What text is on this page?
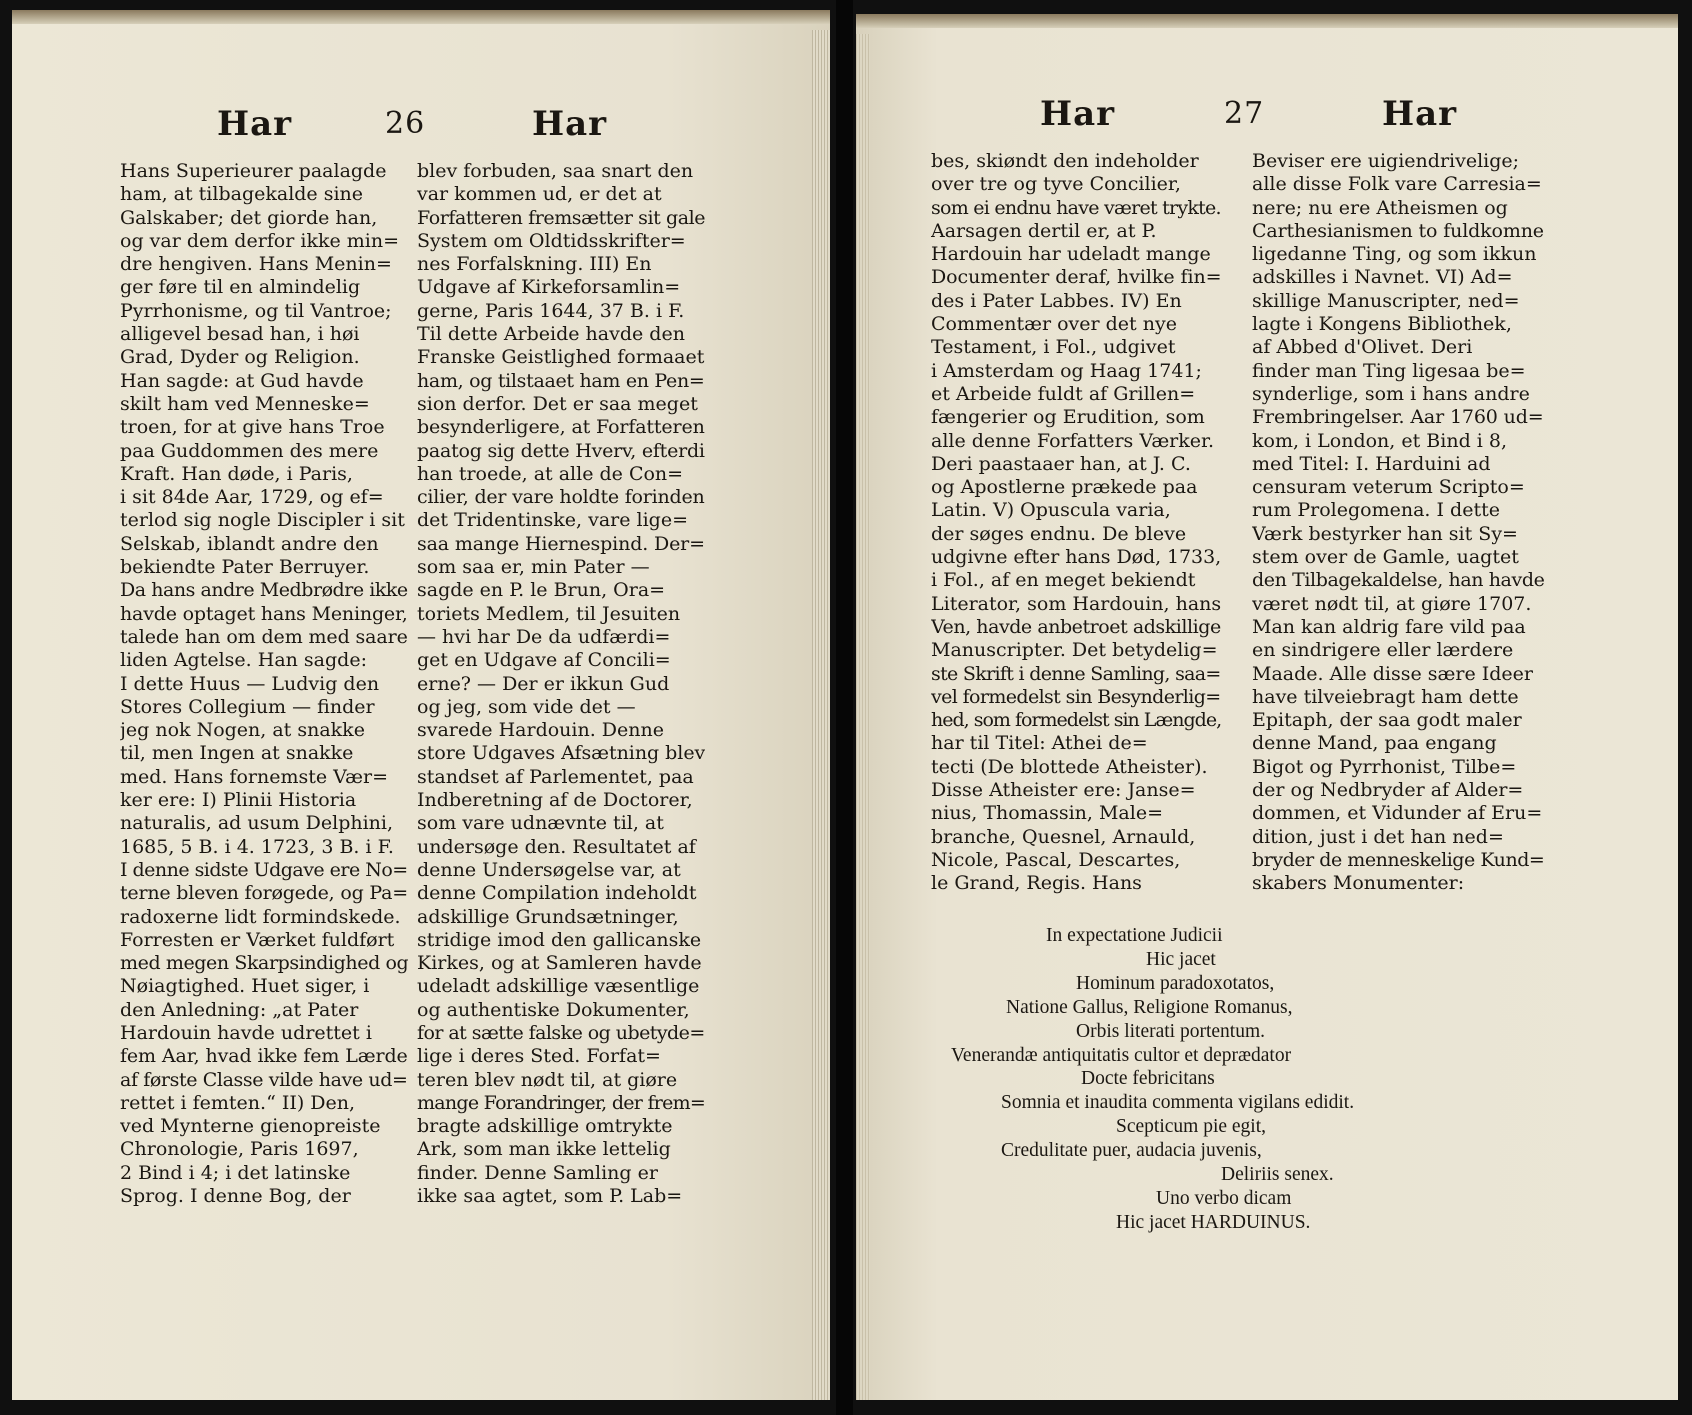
Har	26	Har
Hans Superieurer paalagde
ham, at tilbagekalde sine
Galskaber; det giorde han,
og var dem derfor ikke min=
dre hengiven. Hans Menin=
ger føre til en almindelig
Pyrrhonisme, og til Vantroe;
alligevel besad han, i høi
Grad, Dyder og Religion.
Han sagde: at Gud havde
skilt ham ved Menneske=
troen, for at give hans Troe
paa Guddommen des mere
Kraft. Han døde, i Paris,
i sit 84de Aar, 1729, og ef=
terlod sig nogle Discipler i sit
Selskab, iblandt andre den
bekiendte Pater Berruyer.
Da hans andre Medbrødre ikke
havde optaget hans Meninger,
talede han om dem med saare
liden Agtelse. Han sagde:
I dette Huus — Ludvig den
Stores Collegium — finder
jeg nok Nogen, at snakke
til, men Ingen at snakke
med. Hans fornemste Vær=
ker ere: I) Plinii Historia
naturalis, ad usum Delphini,
1685, 5 B. i 4. 1723, 3 B. i F.
I denne sidste Udgave ere No=
terne bleven forøgede, og Pa=
radoxerne lidt formindskede.
Forresten er Værket fuldført
med megen Skarpsindighed og
Nøiagtighed. Huet siger, i
den Anledning: „at Pater
Hardouin havde udrettet i
fem Aar, hvad ikke fem Lærde
af første Classe vilde have ud=
rettet i femten.“ II) Den,
ved Mynterne gienopreiste
Chronologie, Paris 1697,
2 Bind i 4; i det latinske
Sprog. I denne Bog, der
blev forbuden, saa snart den
var kommen ud, er det at
Forfatteren fremsætter sit gale
System om Oldtidsskrifter=
nes Forfalskning. III) En
Udgave af Kirkeforsamlin=
gerne, Paris 1644, 37 B. i F.
Til dette Arbeide havde den
Franske Geistlighed formaaet
ham, og tilstaaet ham en Pen=
sion derfor. Det er saa meget
besynderligere, at Forfatteren
paatog sig dette Hverv, efterdi
han troede, at alle de Con=
cilier, der vare holdte forinden
det Tridentinske, vare lige=
saa mange Hiernespind. Der=
som saa er, min Pater —
sagde en P. le Brun, Ora=
toriets Medlem, til Jesuiten
— hvi har De da udfærdi=
get en Udgave af Concili=
erne? — Der er ikkun Gud
og jeg, som vide det —
svarede Hardouin. Denne
store Udgaves Afsætning blev
standset af Parlementet, paa
Indberetning af de Doctorer,
som vare udnævnte til, at
undersøge den. Resultatet af
denne Undersøgelse var, at
denne Compilation indeholdt
adskillige Grundsætninger,
stridige imod den gallicanske
Kirkes, og at Samleren havde
udeladt adskillige væsentlige
og authentiske Dokumenter,
for at sætte falske og ubetyde=
lige i deres Sted. Forfat=
teren blev nødt til, at giøre
mange Forandringer, der frem=
bragte adskillige omtrykte
Ark, som man ikke lettelig
finder. Denne Samling er
ikke saa agtet, som P. Lab=
Har	27	Har
bes, skiøndt den indeholder
over tre og tyve Concilier,
som ei endnu have været trykte.
Aarsagen dertil er, at P.
Hardouin har udeladt mange
Documenter deraf, hvilke fin=
des i Pater Labbes. IV) En
Commentær over det nye
Testament, i Fol., udgivet
i Amsterdam og Haag 1741;
et Arbeide fuldt af Grillen=
fængerier og Erudition, som
alle denne Forfatters Værker.
Deri paastaaer han, at J. C.
og Apostlerne prækede paa
Latin. V) Opuscula varia,
der søges endnu. De bleve
udgivne efter hans Død, 1733,
i Fol., af en meget bekiendt
Literator, som Hardouin, hans
Ven, havde anbetroet adskillige
Manuscripter. Det betydelig=
ste Skrift i denne Samling, saa=
vel formedelst sin Besynderlig=
hed, som formedelst sin Længde,
har til Titel: Athei de=
tecti (De blottede Atheister).
Disse Atheister ere: Janse=
nius, Thomassin, Male=
branche, Quesnel, Arnauld,
Nicole, Pascal, Descartes,
le Grand, Regis. Hans
Beviser ere uigiendrivelige;
alle disse Folk vare Carresia=
nere; nu ere Atheismen og
Carthesianismen to fuldkomne
ligedanne Ting, og som ikkun
adskilles i Navnet. VI) Ad=
skillige Manuscripter, ned=
lagte i Kongens Bibliothek,
af Abbed d'Olivet. Deri
finder man Ting ligesaa be=
synderlige, som i hans andre
Frembringelser. Aar 1760 ud=
kom, i London, et Bind i 8,
med Titel: I. Harduini ad
censuram veterum Scripto=
rum Prolegomena. I dette
Værk bestyrker han sit Sy=
stem over de Gamle, uagtet
den Tilbagekaldelse, han havde
været nødt til, at giøre 1707.
Man kan aldrig fare vild paa
en sindrigere eller lærdere
Maade. Alle disse sære Ideer
have tilveiebragt ham dette
Epitaph, der saa godt maler
denne Mand, paa engang
Bigot og Pyrrhonist, Tilbe=
der og Nedbryder af Alder=
dommen, et Vidunder af Eru=
dition, just i det han ned=
bryder de menneskelige Kund=
skabers Monumenter:
In expectatione Judicii
Hic jacet
Hominum paradoxotatos,
Natione Gallus, Religione Romanus,
Orbis literati portentum.
Venerandæ antiquitatis cultor et deprædator
Docte febricitans
Somnia et inaudita commenta vigilans edidit.
Scepticum pie egit,
Credulitate puer, audacia juvenis,
Deliriis senex.
Uno verbo dicam
Hic jacet HARDUINUS.
